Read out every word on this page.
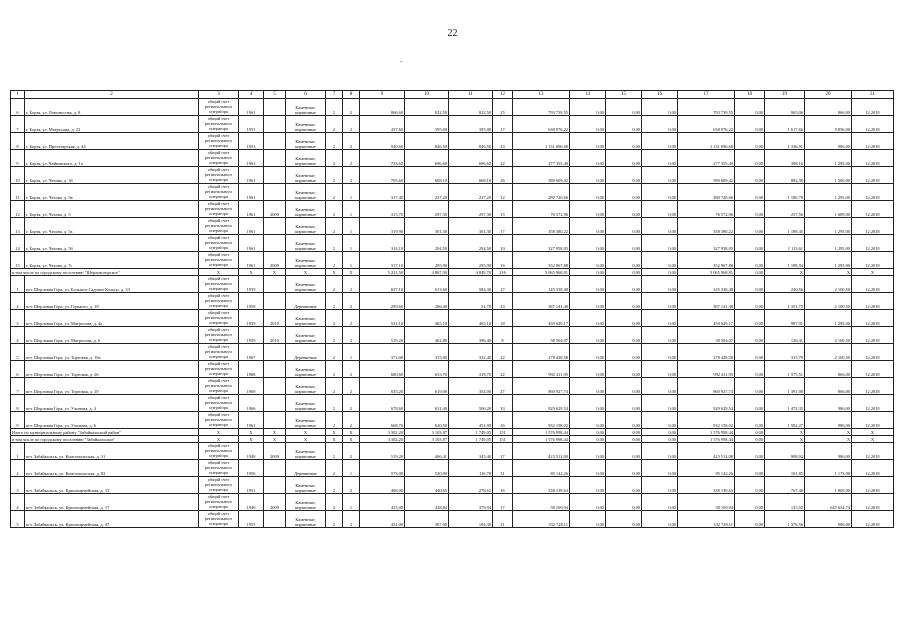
22
-
1	2	3	4	5	6	7	8	9	10	11	12	13	14	15	16	17	18	19	20	21
6	г. Борзя, ул. Ломоносова, д. 8	общий счет регионального оператора	1961		Каменные, кирпичные	2	2	866,60	822,50	822,50	25	793 739,55	0,00	0,00	0,00	793 739,55	0,00	965,06	866,00	12.2018
7	г. Борзя, ул. Матросова, д. 23	общий счет регионального оператора	1955		Каменные, кирпичные	2	2	437,60	395,00	395,00	17	638 976,22	0,00	0,00	0,00	638 976,22	0,00	1 617,66	9 856,00	12.2018
8	г. Борзя, ул. Пролетарская, д. 43	общий счет регионального оператора	1953		Каменные, кирпичные	2	2	940,60	846,50	846,50	23	1 131 696,68	0,00	0,00	0,00	1 131 696,68	0,00	1 336,91	986,00	12.2018
9	г. Борзя, ул. Чайковского, д. 1а	общий счет регионального оператора	1963		Каменные, кирпичные	2	2	733,60	696,60	696,60	22	277 355,40	0,00	0,00	0,00	277 355,40	0,00	398,16	1 295,00	12.2018
10	г. Борзя, ул. Чехова, д. 3б	общий счет регионального оператора	1961		Каменные, кирпичные	2	2	705,60	668,10	668,10	26	589 609,42	0,00	0,00	0,00	589 609,42	0,00	882,38	1 500,00	12.2018
11	г. Борзя, ул. Чехова, д. 3в	общий счет регионального оператора	1961		Каменные, кирпичные	2	1	317,40	237,20	237,20	12	280 720,66	0,00	0,00	0,00	280 720,66	0,00	1 180,78	1 295,00	12.2018
12	г. Борзя, ул. Чехова, д. 5	общий счет регионального оператора	1961	2009	Каменные, кирпичные	2	1	315,70	297,30	297,30	15	76 572,96	0,00	0,00	0,00	76 572,96	0,00	257,56	1 609,00	12.2018
13	г. Борзя, ул. Чехова, д. 5а	общий счет регионального оператора	1961		Каменные, кирпичные	2	1	319,90	301,30	301,30	17	358 380,22	0,00	0,00	0,00	358 380,22	0,00	1 189,45	1 295,00	12.2018
14	г. Борзя, ул. Чехова, д. 5б	общий счет регионального оператора	1961		Каменные, кирпичные	2	1	314,10	294,50	294,50	10	327 958,05	0,00	0,00	0,00	327 958,05	0,00	1 113,61	1 295,00	12.2018
15	г. Борзя, ул. Чехова, д. 7г	общий счет регионального оператора	1961	2009	Каменные, кирпичные	2	1	317,10	295,90	295,90	16	352 967,88	0,00	0,00	0,00	352 967,88	0,00	1 188,94	1 295,00	12.2018
в том числе по городскому поселению "Шерловогорское"		X	X	X	X	X	X	5 221,50	4 867,30	4 849,70	216	5 065 968,81	0,00	0,00	0,00	5 065 968,81	0,00	X	X	X
1	пгт. Шерловая Гора, ул. Большое Садовое Кольцо, д. 33	общий счет регионального оператора	1959		Каменные, кирпичные	2	2	657,10	613,60	584,30	27	145 338,48	0,00	0,00	0,00	145 338,48	0,00	240,56	2 100,50	12.2018
2	пгт. Шерловая Гора, ул. Горького, д. 18	общий счет регионального оператора	1958		Деревянные	2	2	299,60	286,40	31,70	23	387 141,48	0,00	0,00	0,00	387 141,48	0,00	1 351,75	2 100,50	12.2018
3	пгт. Шерловая Гора, ул. Матросова, д. 4а	общий счет регионального оператора	1959	2010	Каменные, кирпичные	2	2	521,10	465,10	465,10	18	459 629,17	0,00	0,00	0,00	459 629,17	0,00	987,91	1 295,00	12.2018
4	пгт. Шерловая Гора, ул. Матросова, д. 6	общий счет регионального оператора	1959	2010	Каменные, кирпичные	2	2	519,20	462,80	396,40	8	58 504,07	0,00	0,00	0,00	58 504,07	0,00	126,41	2 100,50	12.2018
5	пгт. Шерловая Гора, ул. Торговая, д. 18а	общий счет регионального оператора	1967		Деревянные	2	1	371,00	315,80	332,40	22	278 428,58	0,00	0,00	0,00	278 428,58	0,00	315,79	2 100,50	12.2018
6	пгт. Шерловая Гора, ул. Торговая, д. 26	общий счет регионального оператора	1968		Каменные, кирпичные	2	2	680,60	633,70	319,70	22	992 411,95	0,00	0,00	0,00	992 411,95	0,00	1 575,51	866,00	12.2018
7	пгт. Шерловая Гора, ул. Торговая, д. 29	общий счет регионального оператора	1969		Каменные, кирпичные	2	2	635,20	619,00	354,00	27	860 927,74	0,00	0,00	0,00	860 927,74	0,00	1 391,08	866,00	12.2018
8	пгт. Шерловая Гора, ул. Учинова, д. 4	общий счет регионального оператора	1966		Каменные, кирпичные	2	2	678,60	631,40	506,20	33	929 629,54	0,00	0,00	0,00	929 629,54	0,00	1 472,35	986,00	12.2018
9	пгт. Шерловая Гора, ул. Учинова, д. 6	общий счет регионального оператора	1962		Каменные, кирпичные	2	2	668,70	620,50	451,90	36	932 158,02	0,00	0,00	0,00	932 158,02	0,00	1 502,27	986,00	12.2018
Итого по муниципальному району "Забайкальский район"		X	X	X	X	X	X	3 302,20	3 103,87	1 749,05	151	1 576 998,44	0,00	0,00	0,00	1 576 998,44	0,00	X	X	X
в том числе по городскому поселению "Забайкальское"		X	X	X	X	X	X	3 302,20	3 103,87	1 749,05	151	1 576 998,44	0,00	0,00	0,00	1 576 998,44	0,00	X	X	X
1	пгт. Забайкальск, ул. Комсомольская, д. 31	общий счет регионального оператора	1948	2009	Каменные, кирпичные	2	2	519,20	466,41	345,40	17	423 512,08	0,00	0,00	0,00	423 512,08	0,00	908,04	986,00	12.2018
2	пгт. Забайкальск, ул. Комсомольская, д. 83	общий счет регионального оператора	1956		Деревянные	2	1	573,00	520,00	116,78	31	85 142,26	0,00	0,00	0,00	85 142,26	0,00	161,85	1 173,00	12.2018
3	пгт. Забайкальск, ул. Красноармейская, д. 15	общий счет регионального оператора	1951		Каменные, кирпичные	2	2	468,00	440,65	278,63	16	338 139,63	0,00	0,00	0,00	338 139,63	0,00	767,40	1 805,00	12.2018
4	пгт. Забайкальск, ул. Красноармейская, д. 17	общий счет регионального оператора	1946	2009	Каменные, кирпичные	2	1	455,00	428,84	379,94	17	58 109,94	0,00	0,00	0,00	58 109,94	0,00	135,50	645 634,74	12.2018
5	пгт. Забайкальск, ул. Красноармейская, д. 47	общий счет регионального оператора	1955		Каменные, кирпичные	2	2	431,00	387,00	194,30	21	332 728,11	0,00	0,00	0,00	332 728,11	0,00	1 376,56	986,00	12.2018
